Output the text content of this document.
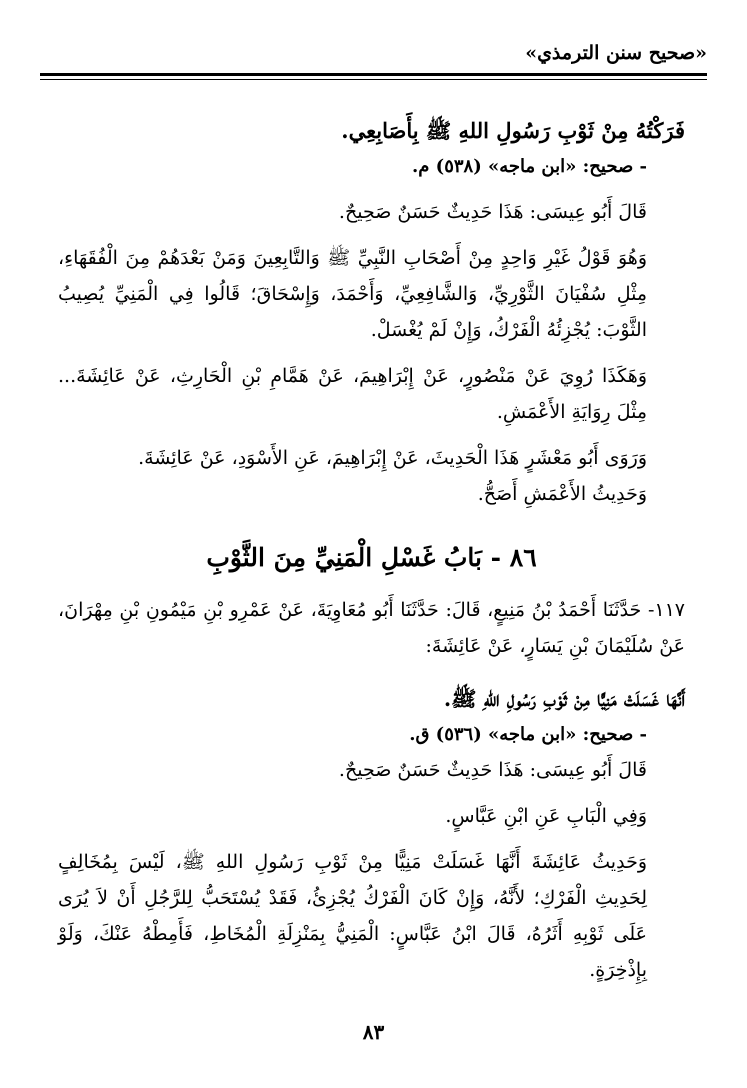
«صحيح سنن الترمذي»

فَرَكْتُهُ مِنْ ثَوْبِ رَسُولِ اللهِ ﷺ بِأَصَابِعِي.

- صحيح: «ابن ماجه» (٥٣٨) م.

قَالَ أَبُو عِيسَى: هَذَا حَدِيثٌ حَسَنٌ صَحِيحٌ.

وَهُوَ قَوْلُ غَيْرِ وَاحِدٍ مِنْ أَصْحَابِ النَّبِيِّ ﷺ وَالتَّابِعِينَ وَمَنْ بَعْدَهُمْ مِنَ الْفُقَهَاءِ، مِثْلِ سُفْيَانَ الثَّوْرِيِّ، وَالشَّافِعِيِّ، وَأَحْمَدَ، وَإِسْحَاقَ؛ قَالُوا فِي الْمَنِيِّ يُصِيبُ الثَّوْبَ: يُجْزِئُهُ الْفَرْكُ، وَإِنْ لَمْ يُغْسَلْ.

وَهَكَذَا رُوِيَ عَنْ مَنْصُورٍ، عَنْ إِبْرَاهِيمَ، عَنْ هَمَّامِ بْنِ الْحَارِثِ، عَنْ عَائِشَةَ... مِثْلَ رِوَايَةِ الأَعْمَشِ.

وَرَوَى أَبُو مَعْشَرٍ هَذَا الْحَدِيثَ، عَنْ إِبْرَاهِيمَ، عَنِ الأَسْوَدِ، عَنْ عَائِشَةَ.

وَحَدِيثُ الأَعْمَشِ أَصَحُّ.

٨٦ - بَابُ غَسْلِ الْمَنِيِّ مِنَ الثَّوْبِ

١١٧- حَدَّثَنَا أَحْمَدُ بْنُ مَنِيعٍ، قَالَ: حَدَّثَنَا أَبُو مُعَاوِيَةَ، عَنْ عَمْرِو بْنِ مَيْمُونِ بْنِ مِهْرَانَ، عَنْ سُلَيْمَانَ بْنِ يَسَارٍ، عَنْ عَائِشَةَ:

أَنَّهَا غَسَلَتْ مَنِيًّا مِنْ ثَوْبِ رَسُولِ اللهِ ﷺ.

- صحيح: «ابن ماجه» (٥٣٦) ق.

قَالَ أَبُو عِيسَى: هَذَا حَدِيثٌ حَسَنٌ صَحِيحٌ.

وَفِي الْبَابِ عَنِ ابْنِ عَبَّاسٍ.

وَحَدِيثُ عَائِشَةَ أَنَّهَا غَسَلَتْ مَنِيًّا مِنْ ثَوْبِ رَسُولِ اللهِ ﷺ، لَيْسَ بِمُخَالِفٍ لِحَدِيثِ الْفَرْكِ؛ لأَنَّهُ، وَإِنْ كَانَ الْفَرْكُ يُجْزِئُ، فَقَدْ يُسْتَحَبُّ لِلرَّجُلِ أَنْ لاَ يُرَى عَلَى ثَوْبِهِ أَثَرُهُ، قَالَ ابْنُ عَبَّاسٍ: الْمَنِيُّ بِمَنْزِلَةِ الْمُخَاطِ، فَأَمِطْهُ عَنْكَ، وَلَوْ بِإِذْخِرَةٍ.

٨٣
